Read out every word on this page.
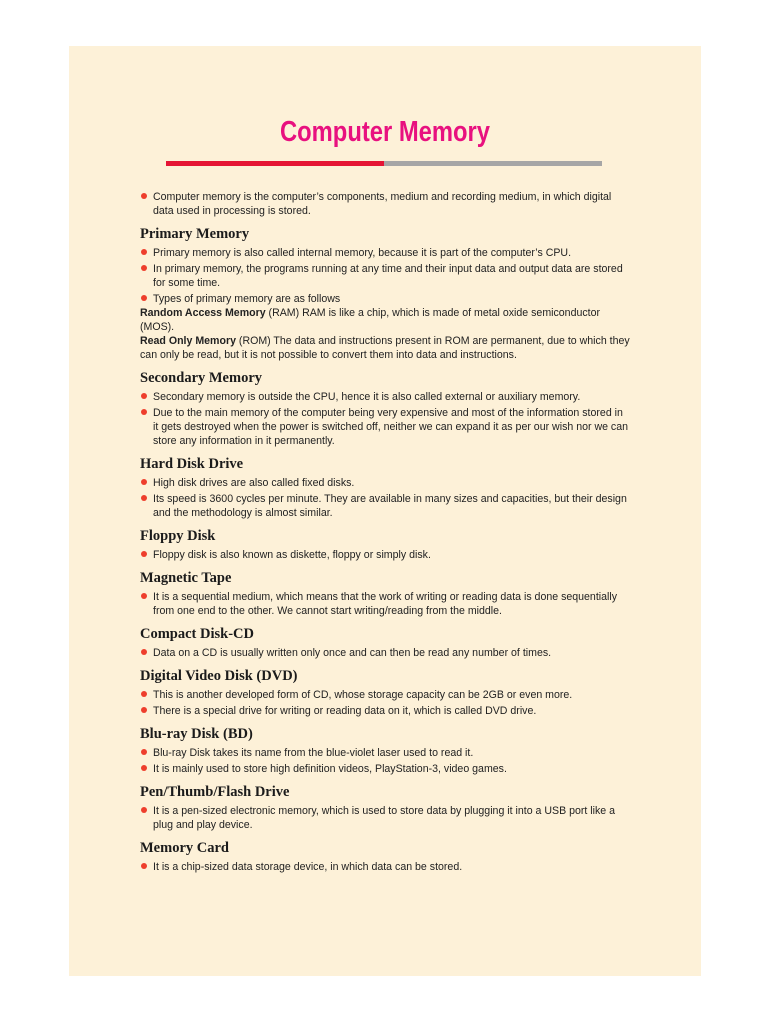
Computer Memory

Computer memory is the computer’s components, medium and recording medium, in which digital data used in processing is stored.

Primary Memory

Primary memory is also called internal memory, because it is part of the computer’s CPU.

In primary memory, the programs running at any time and their input data and output data are stored for some time.

Types of primary memory are as follows

Random Access Memory (RAM) RAM is like a chip, which is made of metal oxide semiconductor (MOS).

Read Only Memory (ROM) The data and instructions present in ROM are permanent, due to which they can only be read, but it is not possible to convert them into data and instructions.

Secondary Memory

Secondary memory is outside the CPU, hence it is also called external or auxiliary memory.

Due to the main memory of the computer being very expensive and most of the information stored in it gets destroyed when the power is switched off, neither we can expand it as per our wish nor we can store any information in it permanently.

Hard Disk Drive

High disk drives are also called fixed disks.

Its speed is 3600 cycles per minute. They are available in many sizes and capacities, but their design and the methodology is almost similar.

Floppy Disk

Floppy disk is also known as diskette, floppy or simply disk.

Magnetic Tape

It is a sequential medium, which means that the work of writing or reading data is done sequentially from one end to the other. We cannot start writing/reading from the middle.

Compact Disk-CD

Data on a CD is usually written only once and can then be read any number of times.

Digital Video Disk (DVD)

This is another developed form of CD, whose storage capacity can be 2GB or even more.

There is a special drive for writing or reading data on it, which is called DVD drive.

Blu-ray Disk (BD)

Blu-ray Disk takes its name from the blue-violet laser used to read it.

It is mainly used to store high definition videos, PlayStation-3, video games.

Pen/Thumb/Flash Drive

It is a pen-sized electronic memory, which is used to store data by plugging it into a USB port like a plug and play device.

Memory Card

It is a chip-sized data storage device, in which data can be stored.
